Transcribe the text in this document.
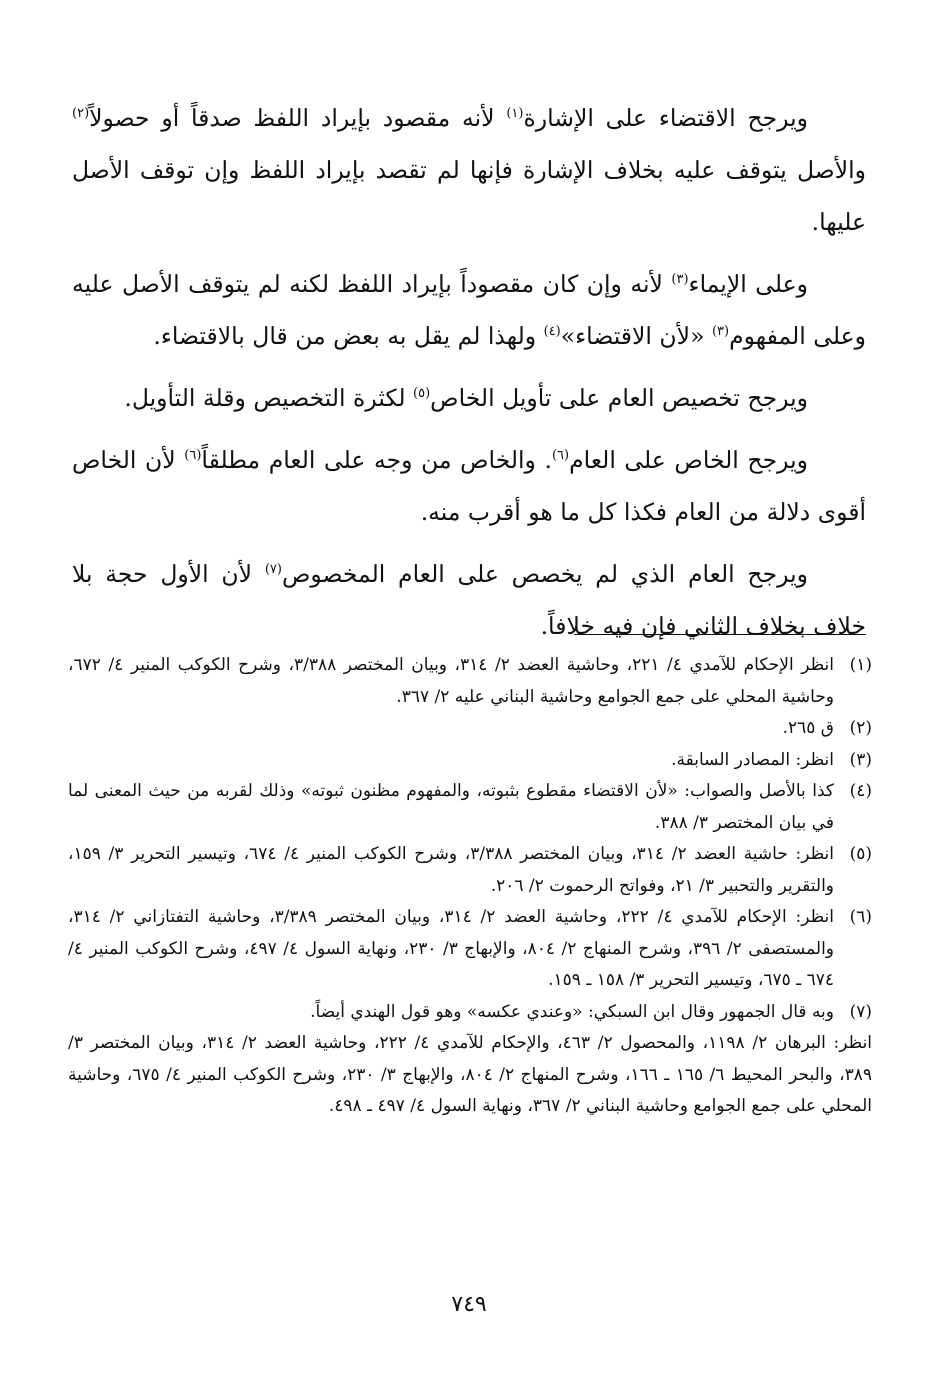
ويرجح الاقتضاء على الإشارة$^{(١)}$ لأنه مقصود بإيراد اللفظ صدقاً أو حصولاً$^{(٢)}$ والأصل يتوقف عليه بخلاف الإشارة فإنها لم تقصد بإيراد اللفظ وإن توقف الأصل عليها.

وعلى الإيماء$^{(٣)}$ لأنه وإن كان مقصوداً بإيراد اللفظ لكنه لم يتوقف الأصل عليه وعلى المفهوم$^{(٣)}$ «لأن الاقتضاء»$^{(٤)}$ ولهذا لم يقل به بعض من قال بالاقتضاء.

ويرجح تخصيص العام على تأويل الخاص$^{(٥)}$ لكثرة التخصيص وقلة التأويل.

ويرجح الخاص على العام$^{(٦)}$. والخاص من وجه على العام مطلقاً$^{(٦)}$ لأن الخاص أقوى دلالة من العام فكذا كل ما هو أقرب منه.

ويرجح العام الذي لم يخصص على العام المخصوص$^{(٧)}$ لأن الأول حجة بلا خلاف بخلاف الثاني فإن فيه خلافاً.

(١)
انظر الإحكام للآمدي ٤/ ٢٢١، وحاشية العضد ٢/ ٣١٤، وبيان المختصر ٣/٣٨٨، وشرح الكوكب المنير ٤/ ٦٧٢، وحاشية المحلي على جمع الجوامع وحاشية البناني عليه ٢/ ٣٦٧.
(٢)
ق ٢٦٥.
(٣)
انظر: المصادر السابقة.
(٤)
كذا بالأصل والصواب: «لأن الاقتضاء مقطوع بثبوته، والمفهوم مظنون ثبوته» وذلك لقربه من حيث المعنى لما في بيان المختصر ٣/ ٣٨٨.
(٥)
انظر: حاشية العضد ٢/ ٣١٤، وبيان المختصر ٣/٣٨٨، وشرح الكوكب المنير ٤/ ٦٧٤، وتيسير التحرير ٣/ ١٥٩، والتقرير والتحبير ٣/ ٢١، وفواتح الرحموت ٢/ ٢٠٦.
(٦)
انظر: الإحكام للآمدي ٤/ ٢٢٢، وحاشية العضد ٢/ ٣١٤، وبيان المختصر ٣/٣٨٩، وحاشية التفتازاني ٢/ ٣١٤، والمستصفى ٢/ ٣٩٦، وشرح المنهاج ٢/ ٨٠٤، والإبهاج ٣/ ٢٣٠، ونهاية السول ٤/ ٤٩٧، وشرح الكوكب المنير ٤/ ٦٧٤ ـ ٦٧٥، وتيسير التحرير ٣/ ١٥٨ ـ ١٥٩.
(٧)
وبه قال الجمهور وقال ابن السبكي: «وعندي عكسه» وهو قول الهندي أيضاً.
انظر: البرهان ٢/ ١١٩٨، والمحصول ٢/ ٤٦٣، والإحكام للآمدي ٤/ ٢٢٢، وحاشية العضد ٢/ ٣١٤، وبيان المختصر ٣/ ٣٨٩، والبحر المحيط ٦/ ١٦٥ ـ ١٦٦، وشرح المنهاج ٢/ ٨٠٤، والإبهاج ٣/ ٢٣٠، وشرح الكوكب المنير ٤/ ٦٧٥، وحاشية المحلي على جمع الجوامع وحاشية البناني ٢/ ٣٦٧، ونهاية السول ٤/ ٤٩٧ ـ ٤٩٨.
٧٤٩
